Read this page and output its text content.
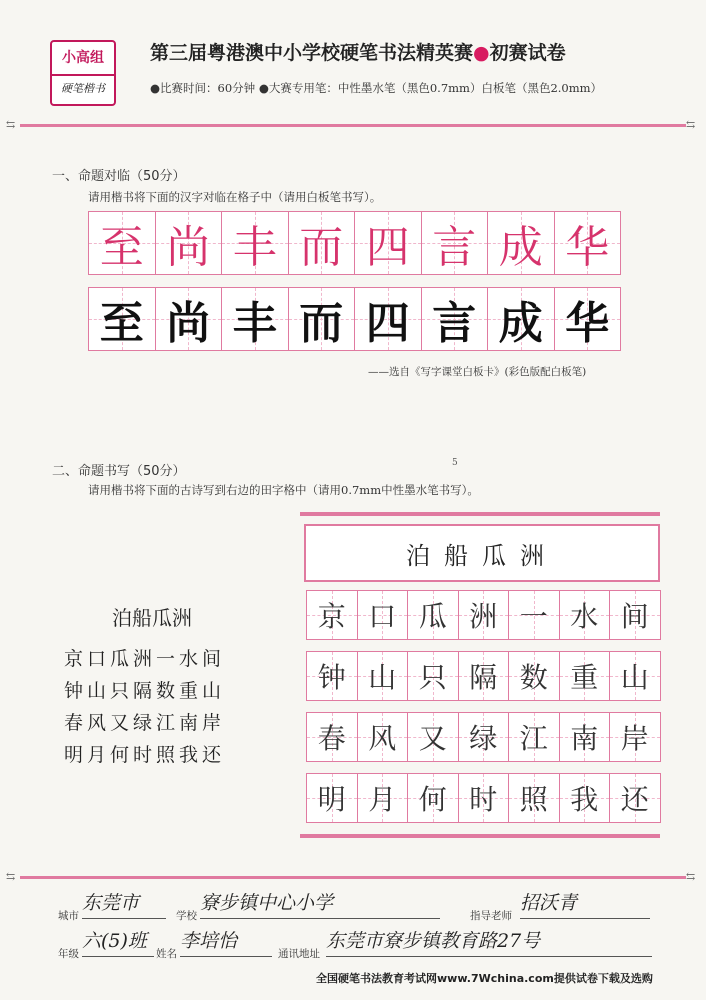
小高组
硬笔楷书
第三届粤港澳中小学校硬笔书法精英赛●初赛试卷
●比赛时间：60分钟 ●大赛专用笔：中性墨水笔（黑色0.7mm）白板笔（黑色2.0mm）
⇆	⇆
一、命题对临（50分）
请用楷书将下面的汉字对临在格子中（请用白板笔书写）。
至 尚 丰 而 四 言 成 华
至 尚 丰 而 四 言 成 华
——选自《写字课堂白板卡》(彩色版配白板笔)
5
二、命题书写（50分）
请用楷书将下面的古诗写到右边的田字格中（请用0.7mm中性墨水笔书写）。
泊船瓜洲
京口瓜洲一水间
钟山只隔数重山
春风又绿江南岸
明月何时照我还
泊船瓜洲
京 口 瓜 洲 一 水 间
钟 山 只 隔 数 重 山
春 风 又 绿 江 南 岸
明 月 何 时 照 我 还
⇆	⇆
城市
东莞市
学校
寮步镇中心小学
指导老师
招沃青
年级
六(5)班
姓名
李培怡
通讯地址
东莞市寮步镇教育路27号
全国硬笔书法教育考试网www.7Wchina.com提供试卷下载及选购
